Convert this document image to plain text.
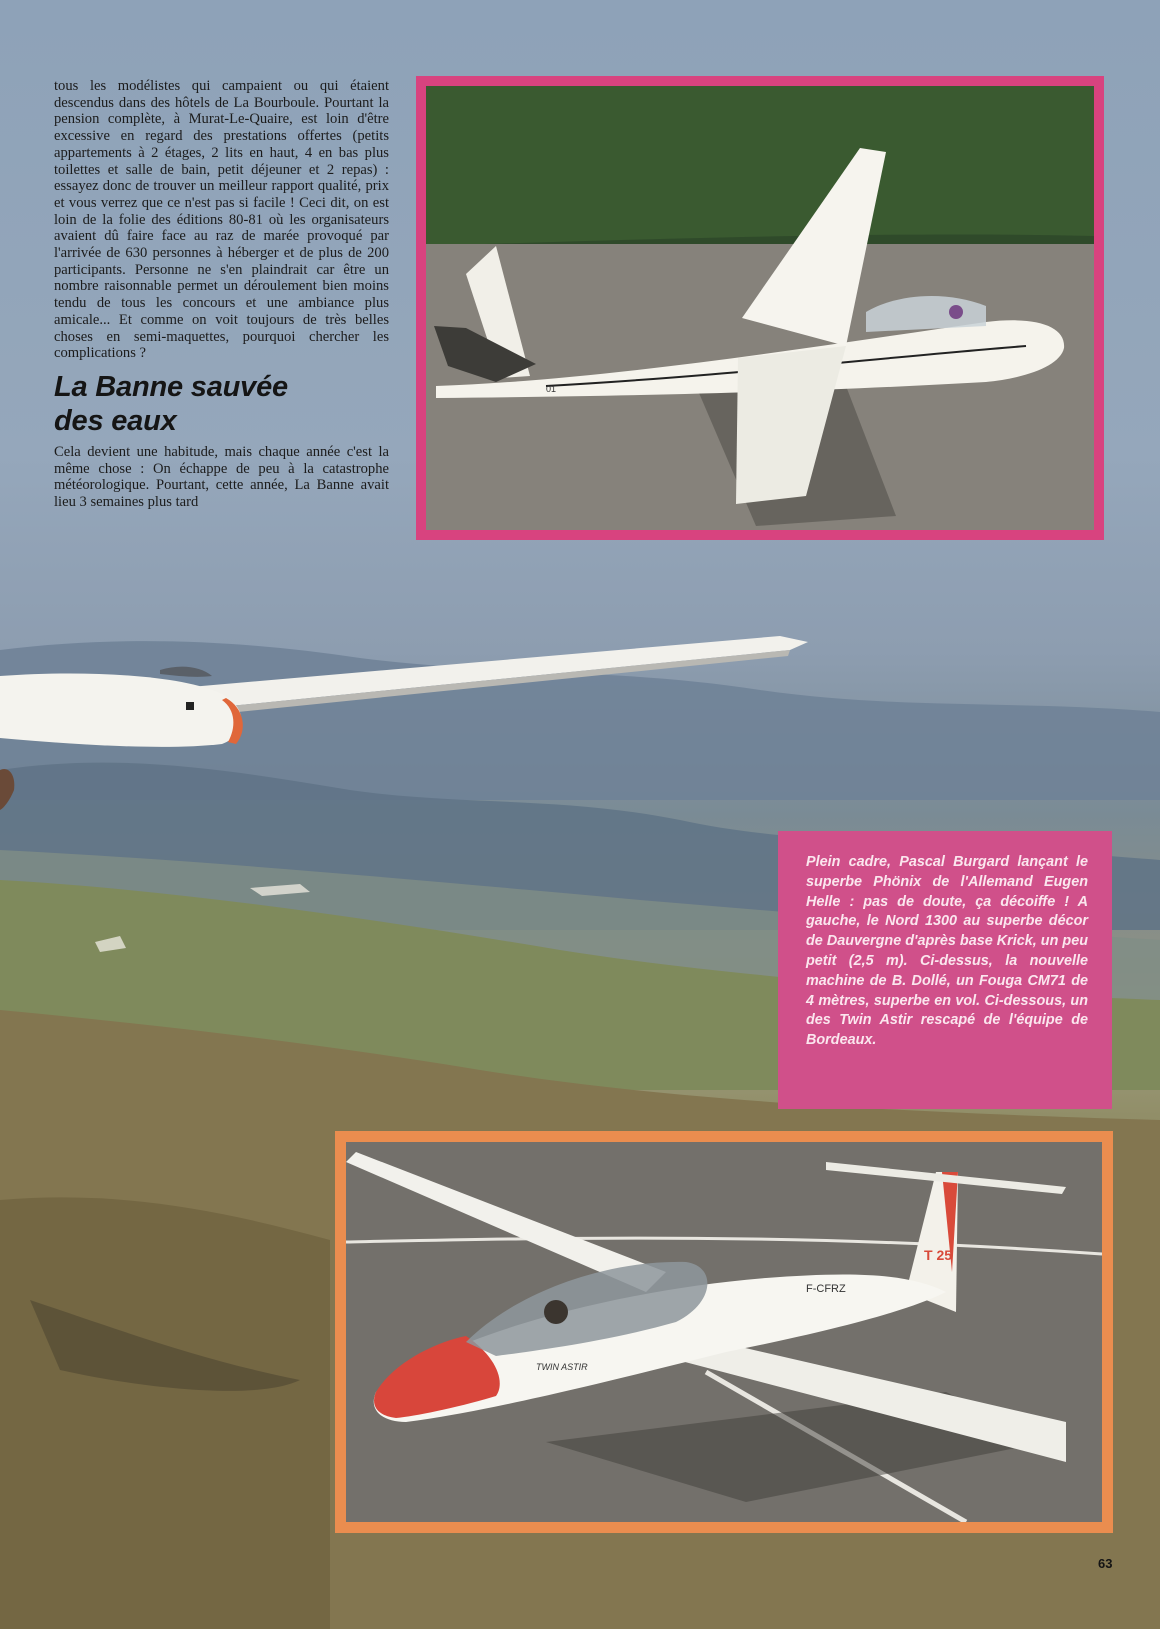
tous les modélistes qui campaient ou qui étaient descendus dans des hôtels de La Bourboule. Pourtant la pension complète, à Murat-Le-Quaire, est loin d'être excessive en regard des prestations offertes (petits appartements à 2 étages, 2 lits en haut, 4 en bas plus toilettes et salle de bain, petit déjeuner et 2 repas) : essayez donc de trouver un meilleur rapport qualité, prix et vous verrez que ce n'est pas si facile ! Ceci dit, on est loin de la folie des éditions 80-81 où les organisateurs avaient dû faire face au raz de marée provoqué par l'arrivée de 630 personnes à héberger et de plus de 200 participants. Personne ne s'en plaindrait car être un nombre raisonnable permet un déroulement bien moins tendu de tous les concours et une ambiance plus amicale... Et comme on voit toujours de très belles choses en semi-maquettes, pourquoi chercher les complications ?

La Banne sauvée
des eaux

Cela devient une habitude, mais chaque année c'est la même chose : On échappe de peu à la catastrophe météorologique. Pourtant, cette année, La Banne avait lieu 3 semaines plus tard

01

Plein cadre, Pascal Burgard lançant le superbe Phönix de l'Allemand Eugen Helle : pas de doute, ça décoiffe ! A gauche, le Nord 1300 au superbe décor de Dauvergne d'après base Krick, un peu petit (2,5 m). Ci-dessus, la nouvelle machine de B. Dollé, un Fouga CM71 de 4 mètres, superbe en vol. Ci-dessous, un des Twin Astir rescapé de l'équipe de Bordeaux.

TWIN ASTIR
F-CFRZ
T 25
63
